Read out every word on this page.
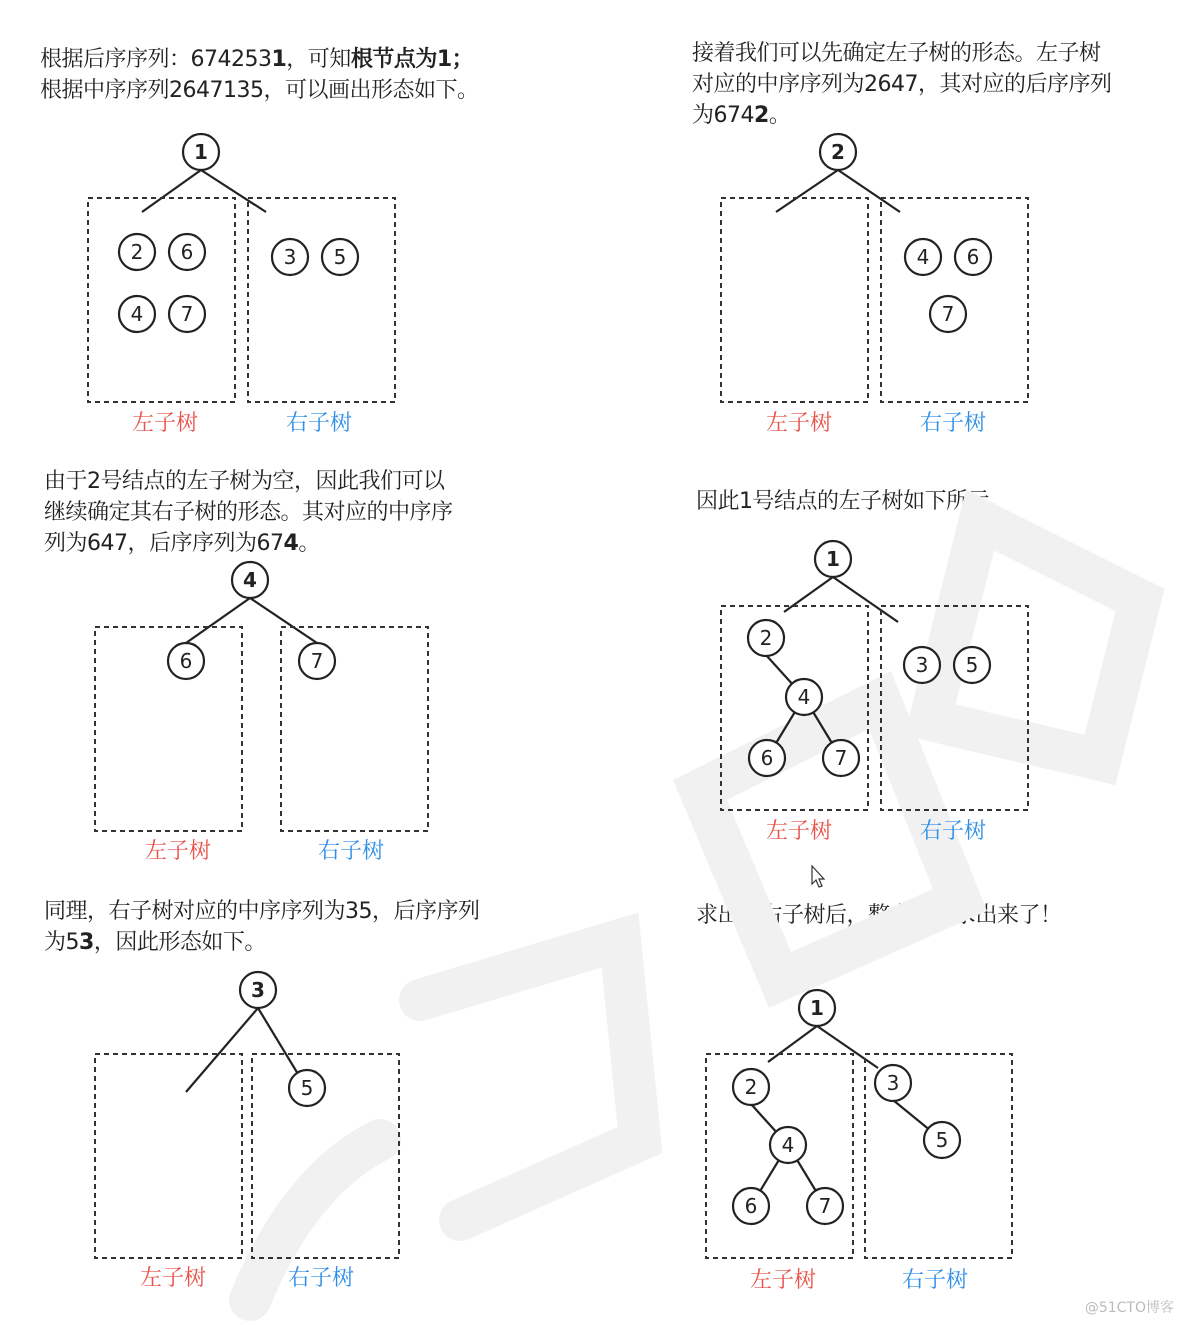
根据后序序列：6742531，可知根节点为1；
根据中序序列2647135，可以画出形态如下。
接着我们可以先确定左子树的形态。左子树
对应的中序序列为2647，其对应的后序序列
为6742。
由于2号结点的左子树为空，因此我们可以
继续确定其右子树的形态。其对应的中序序
列为647，后序序列为674。
因此1号结点的左子树如下所示。
同理，右子树对应的中序序列为35，后序序列
为53，因此形态如下。
求出左右子树后，整个树就求出来了！
1
2 6
4 7
3 5
左子树	右子树
2
4 6
7
左子树	右子树
4
6	7
左子树	右子树
1
2
4
6	7
3 5
左子树	右子树
3
5
左子树	右子树
1
2
4
6	7
3
5
左子树	右子树
@51CTO博客
